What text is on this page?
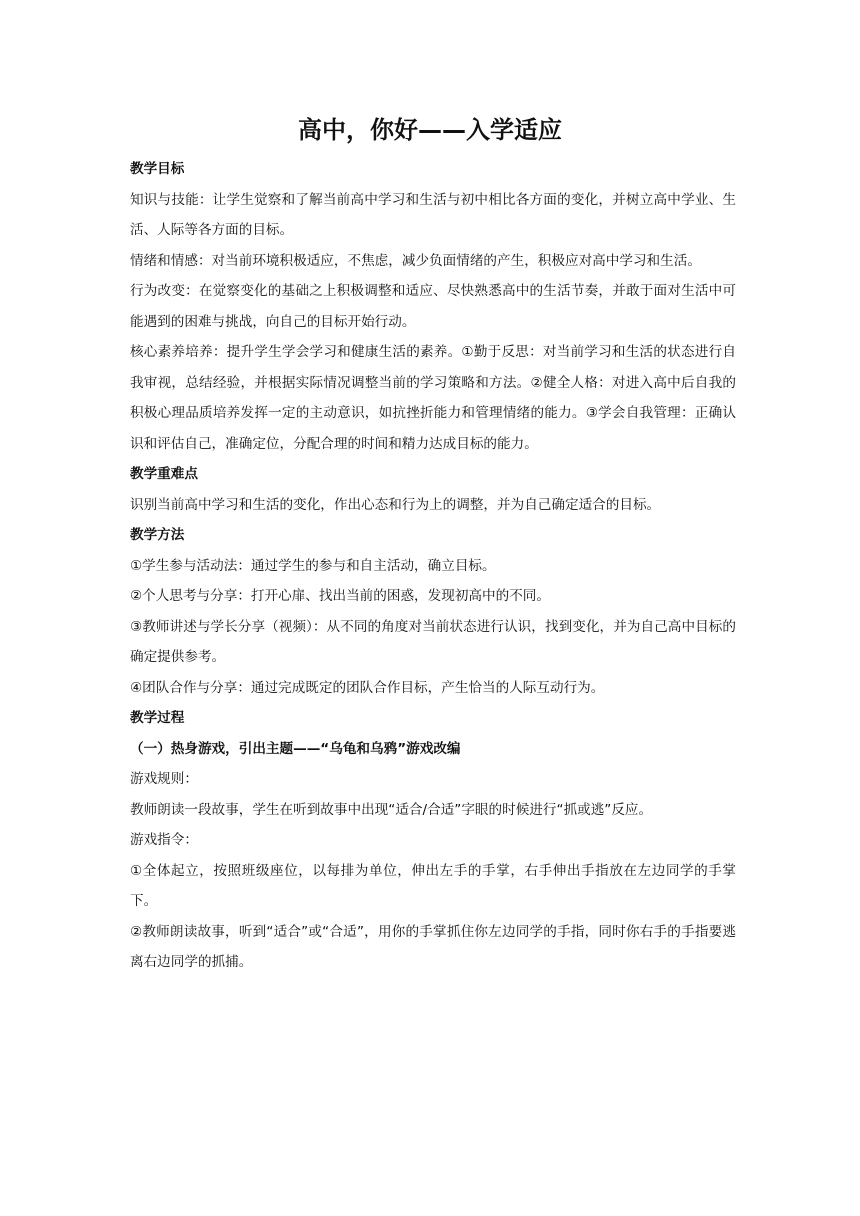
高中，你好——入学适应

教学目标

知识与技能：让学生觉察和了解当前高中学习和生活与初中相比各方面的变化，并树立高中学业、生活、人际等各方面的目标。

情绪和情感：对当前环境积极适应，不焦虑，减少负面情绪的产生，积极应对高中学习和生活。

行为改变：在觉察变化的基础之上积极调整和适应、尽快熟悉高中的生活节奏，并敢于面对生活中可能遇到的困难与挑战，向自己的目标开始行动。

核心素养培养：提升学生学会学习和健康生活的素养。①勤于反思：对当前学习和生活的状态进行自我审视，总结经验，并根据实际情况调整当前的学习策略和方法。②健全人格：对进入高中后自我的积极心理品质培养发挥一定的主动意识，如抗挫折能力和管理情绪的能力。③学会自我管理：正确认识和评估自己，准确定位，分配合理的时间和精力达成目标的能力。

教学重难点

识别当前高中学习和生活的变化，作出心态和行为上的调整，并为自己确定适合的目标。

教学方法

①学生参与活动法：通过学生的参与和自主活动，确立目标。

②个人思考与分享：打开心扉、找出当前的困惑，发现初高中的不同。

③教师讲述与学长分享（视频）：从不同的角度对当前状态进行认识，找到变化，并为自己高中目标的确定提供参考。

④团队合作与分享：通过完成既定的团队合作目标，产生恰当的人际互动行为。

教学过程

（一）热身游戏，引出主题——“乌龟和乌鸦”游戏改编

游戏规则：

教师朗读一段故事，学生在听到故事中出现“适合/合适”字眼的时候进行“抓或逃”反应。

游戏指令：

①全体起立，按照班级座位，以每排为单位，伸出左手的手掌，右手伸出手指放在左边同学的手掌下。

②教师朗读故事，听到“适合”或“合适”，用你的手掌抓住你左边同学的手指，同时你右手的手指要逃离右边同学的抓捕。
